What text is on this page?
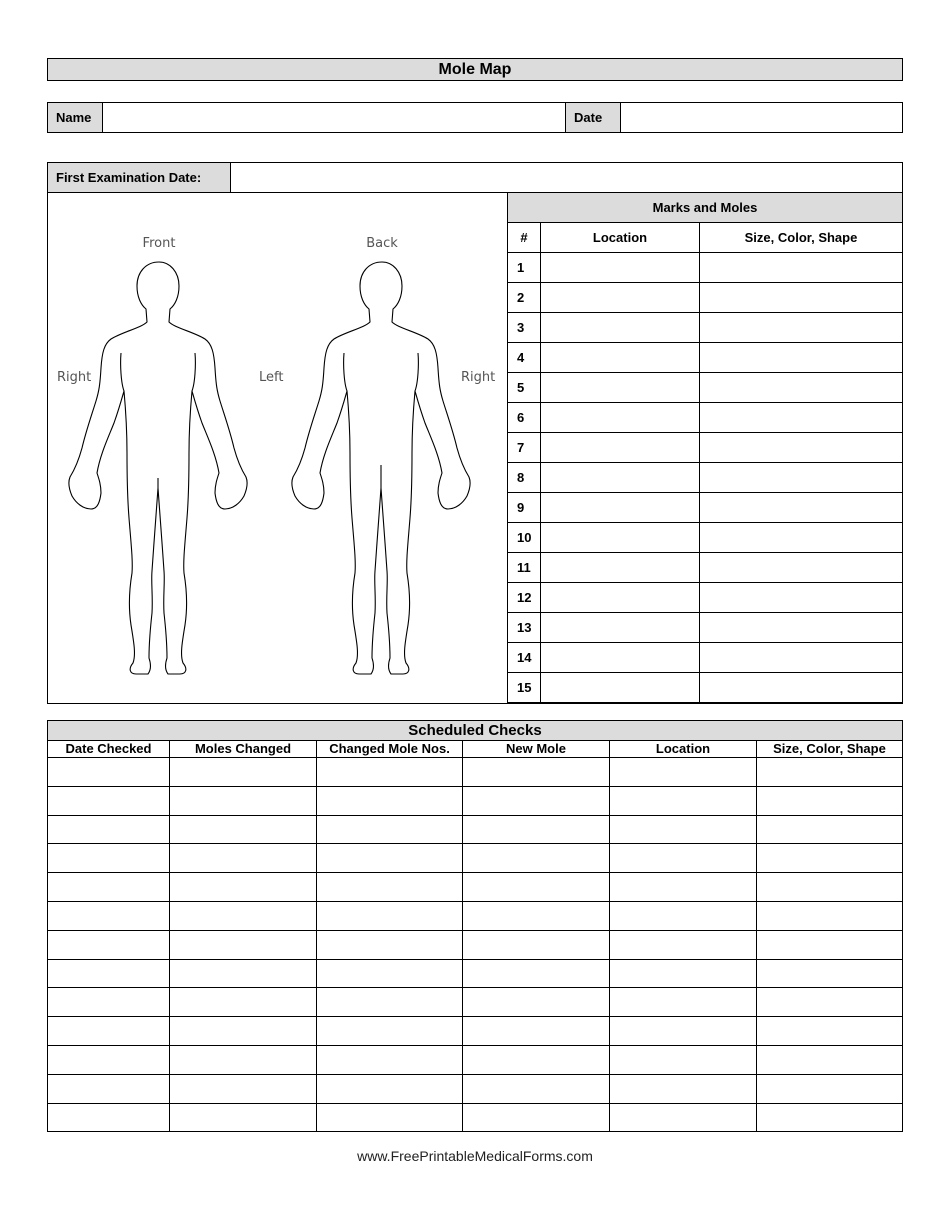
Mole Map
Name		Date	
First Examination Date:
Front	Back
Right	Left	Right
Marks and Moles		
#	Location	Size, Color, Shape
1		
2		
3		
4		
5		
6		
7		
8		
9		
10		
11		
12		
13		
14		
15		
Scheduled Checks
Date Checked	Moles Changed	Changed Mole Nos.	New Mole	Location	Size, Color, Shape

www.FreePrintableMedicalForms.com
